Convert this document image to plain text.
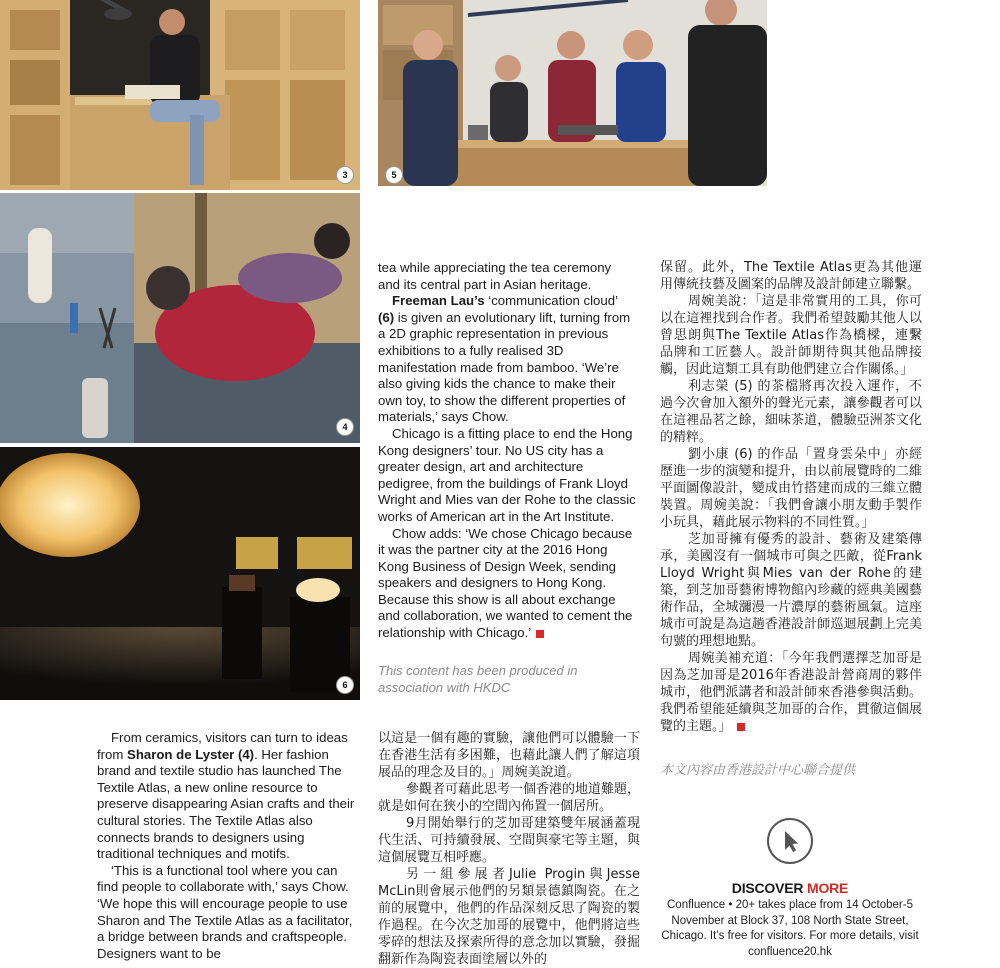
3	5
4
6

tea while appreciating the tea ceremony and its central part in Asian heritage.

Freeman Lau’s ‘communication cloud’ (6) is given an evolutionary lift, turning from a 2D graphic representation in previous exhibitions to a fully realised 3D manifestation made from bamboo. ‘We’re also giving kids the chance to make their own toy, to show the different properties of materials,’ says Chow.

Chicago is a fitting place to end the Hong Kong designers’ tour. No US city has a greater design, art and architecture pedigree, from the buildings of Frank Lloyd Wright and Mies van der Rohe to the classic works of American art in the Art Institute.

Chow adds: ‘We chose Chicago because it was the partner city at the 2016 Hong Kong Business of Design Week, sending speakers and designers to Hong Kong. Because this show is all about exchange and collaboration, we wanted to cement the relationship with Chicago.’

This content has been produced in association with HKDC

From ceramics, visitors can turn to ideas from Sharon de Lyster (4). Her fashion brand and textile studio has launched The Textile Atlas, a new online resource to preserve disappearing Asian crafts and their cultural stories. The Textile Atlas also connects brands to designers using traditional techniques and motifs.

‘This is a functional tool where you can find people to collaborate with,’ says Chow. ‘We hope this will encourage people to use Sharon and The Textile Atlas as a facilitator, a bridge between brands and craftspeople. Designers want to be

以這是一個有趣的實驗，讓他們可以體驗一下在香港生活有多困難，也藉此讓人們了解這項展品的理念及目的。」周婉美說道。

參觀者可藉此思考一個香港的地道難題，就是如何在狹小的空間內佈置一個居所。

9月開始舉行的芝加哥建築雙年展涵蓋現代生活、可持續發展、空間與豪宅等主題，與這個展覽互相呼應。

另一組參展者Julie Progin與Jesse McLin則會展示他們的另類景德鎮陶瓷。在之前的展覽中，他們的作品深刻反思了陶瓷的製作過程。在今次芝加哥的展覽中，他們將這些零碎的想法及探索所得的意念加以實驗，發掘翻新作為陶瓷表面塗層以外的

保留。此外，The Textile Atlas更為其他運用傳統技藝及圖案的品牌及設計師建立聯繫。

周婉美說：「這是非常實用的工具，你可以在這裡找到合作者。我們希望鼓勵其他人以曾思朗與The Textile Atlas作為橋樑，連繫品牌和工匠藝人。設計師期待與其他品牌接觸，因此這類工具有助他們建立合作關係。」

利志榮 (5) 的茶檔將再次投入運作，不過今次會加入額外的聲光元素，讓參觀者可以在這裡品茗之餘，細味茶道，體驗亞洲茶文化的精粹。

劉小康 (6) 的作品「置身雲朵中」亦經歷進一步的演變和提升，由以前展覽時的二維平面圖像設計，變成由竹搭建而成的三維立體裝置。周婉美說：「我們會讓小朋友動手製作小玩具，藉此展示物料的不同性質。」

芝加哥擁有優秀的設計、藝術及建築傳承，美國沒有一個城市可與之匹敵，從Frank Lloyd Wright與Mies van der Rohe的建築，到芝加哥藝術博物館內珍藏的經典美國藝術作品，全城瀰漫一片濃厚的藝術風氣。這座城市可說是為這趟香港設計師巡迴展劃上完美句號的理想地點。

周婉美補充道：「今年我們選擇芝加哥是因為芝加哥是2016年香港設計營商周的夥伴城市，他們派講者和設計師來香港參與活動。我們希望能延續與芝加哥的合作，貫徹這個展覽的主題。」

本文內容由香港設計中心聯合提供
DISCOVER MORE
Confluence • 20+ takes place from 14 October-5 November at Block 37, 108 North State Street, Chicago. It’s free for visitors. For more details, visit confluence20.hk
